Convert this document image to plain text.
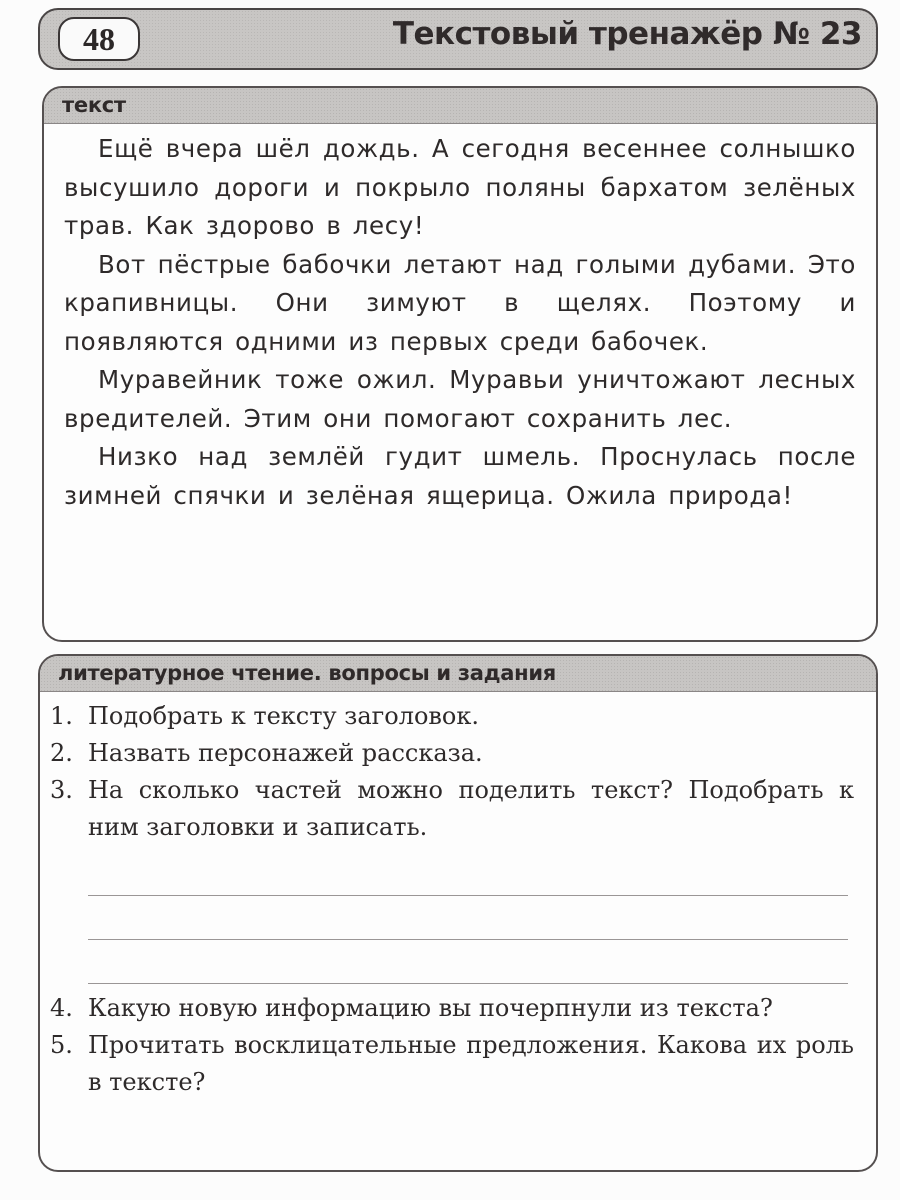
48	Текстовый тренажёр № 23
текст

Ещё вчера шёл дождь. А сегодня весеннее солнышко высушило дороги и покрыло поляны бархатом зелёных трав. Как здорово в лесу!

Вот пёстрые бабочки летают над голыми дубами. Это крапивницы. Они зимуют в щелях. Поэтому и появляются одними из первых среди бабочек.

Муравейник тоже ожил. Муравьи уничтожают лесных вредителей. Этим они помогают сохранить лес.

Низко над землёй гудит шмель. Проснулась после зимней спячки и зелёная ящерица. Ожила природа!

литературное чтение. вопросы и задания
1. Подобрать к тексту заголовок.
2. Назвать персонажей рассказа.
3. На сколько частей можно поделить текст? Подобрать к ним заголовки и записать.
4. Какую новую информацию вы почерпнули из текста?
5. Прочитать восклицательные предложения. Какова их роль в тексте?
